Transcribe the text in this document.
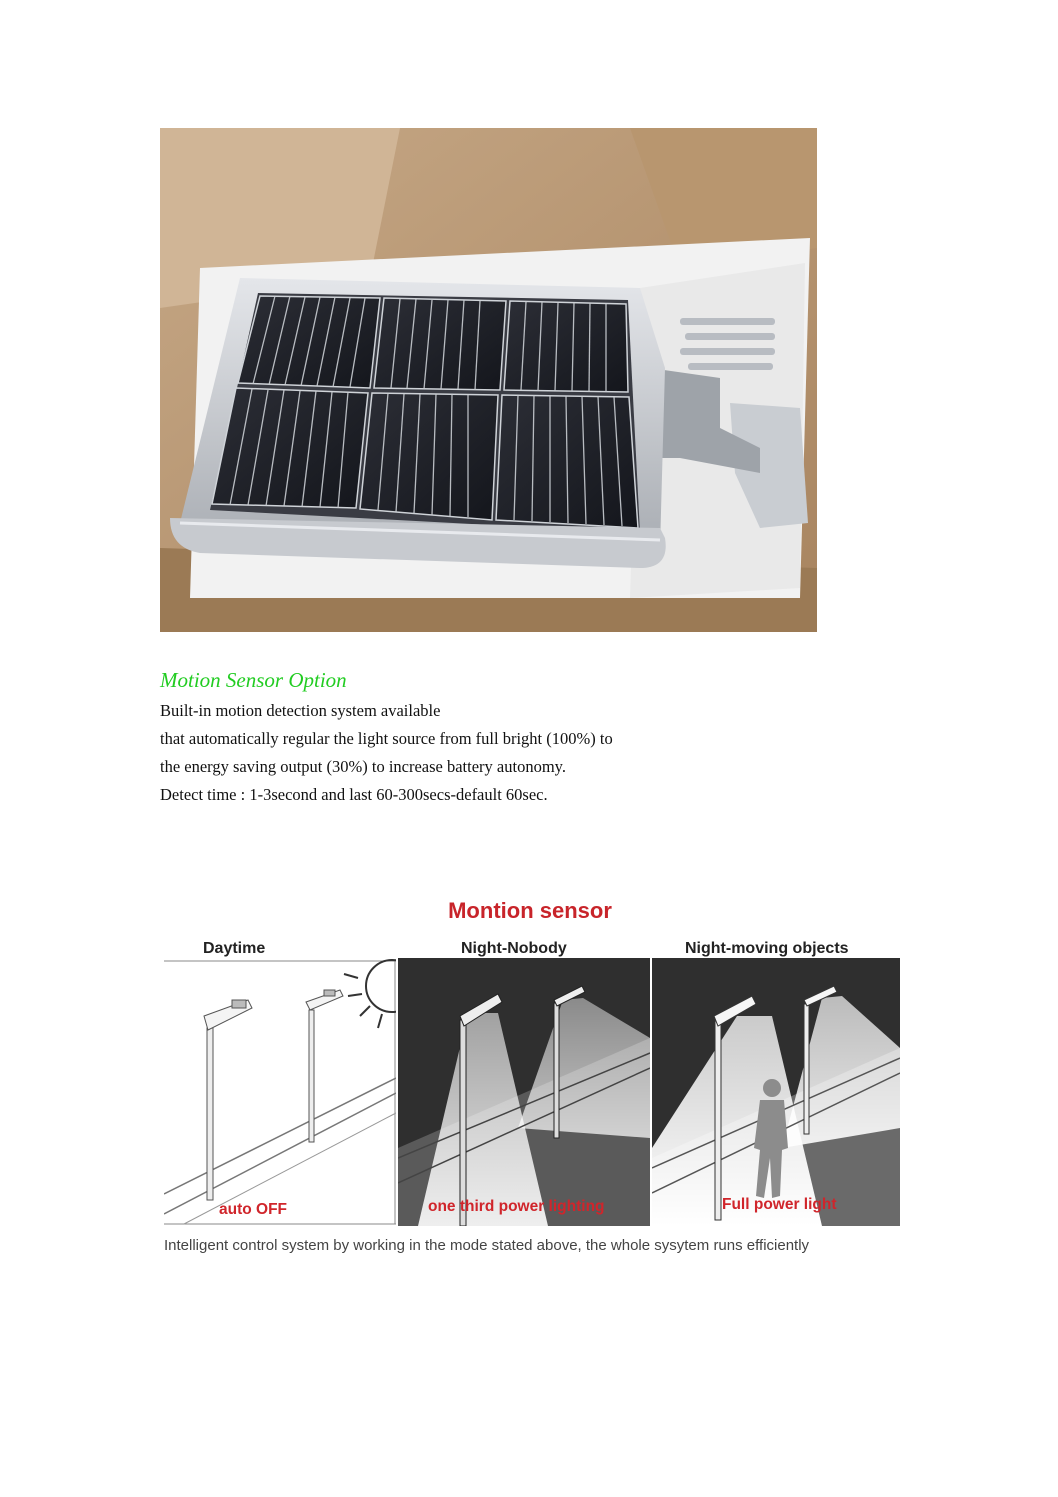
Motion Sensor Option
Built-in motion detection system available
that automatically regular the light source from full bright (100%) to
the energy saving output (30%) to increase battery autonomy.
Detect time : 1-3second and last 60-300secs-default 60sec.
Montion sensor
Daytime	Night-Nobody	Night-moving objects
auto OFF	one third power lighting	Full power light
Intelligent control system by working in the mode stated above, the whole sysytem runs efficiently
